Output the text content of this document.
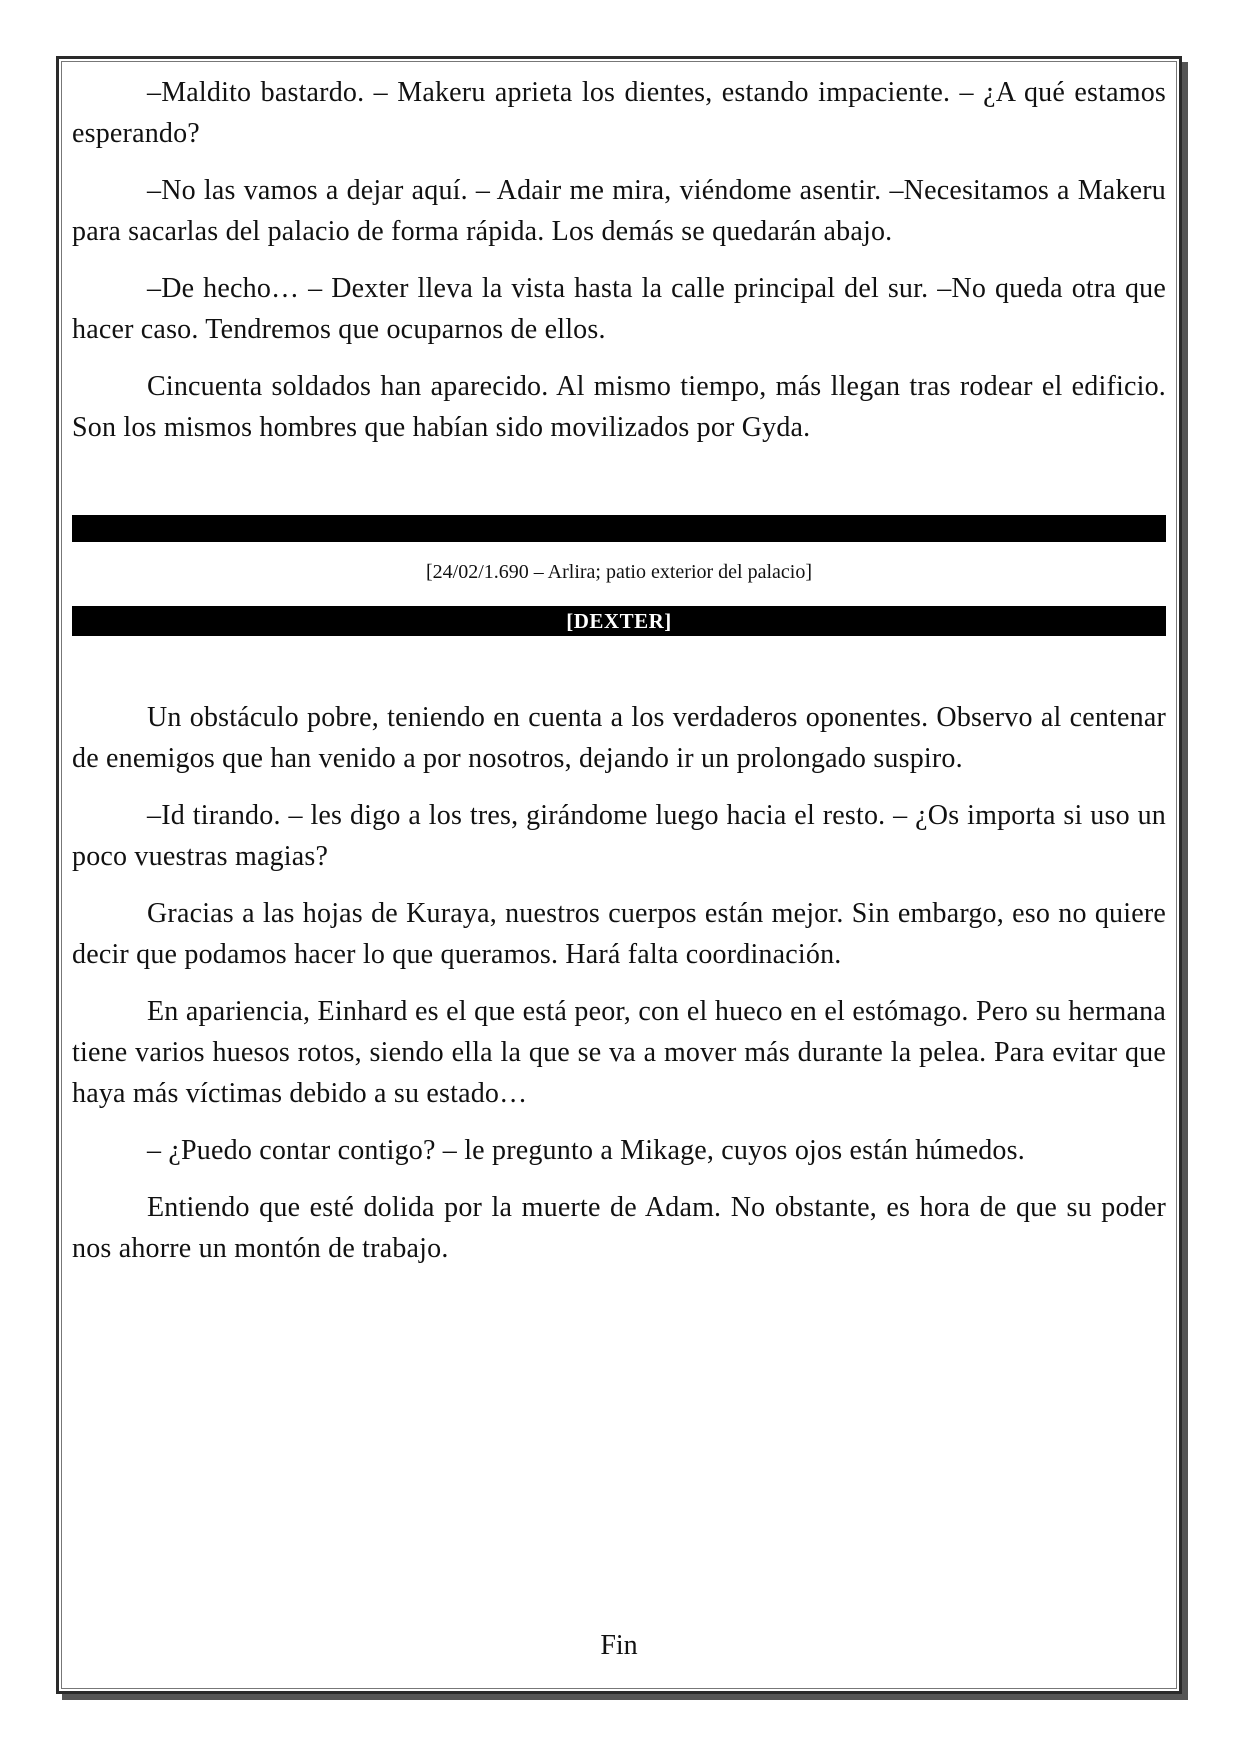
–Maldito bastardo. – Makeru aprieta los dientes, estando impaciente. – ¿A qué estamos esperando?

–No las vamos a dejar aquí. – Adair me mira, viéndome asentir. –Necesitamos a Makeru para sacarlas del palacio de forma rápida. Los demás se quedarán abajo.

–De hecho… – Dexter lleva la vista hasta la calle principal del sur. –No queda otra que hacer caso. Tendremos que ocuparnos de ellos.

Cincuenta soldados han aparecido. Al mismo tiempo, más llegan tras rodear el edificio. Son los mismos hombres que habían sido movilizados por Gyda.

[24/02/1.690 – Arlira; patio exterior del palacio]
[DEXTER]

Un obstáculo pobre, teniendo en cuenta a los verdaderos oponentes. Observo al centenar de enemigos que han venido a por nosotros, dejando ir un prolongado suspiro.

–Id tirando. – les digo a los tres, girándome luego hacia el resto. – ¿Os importa si uso un poco vuestras magias?

Gracias a las hojas de Kuraya, nuestros cuerpos están mejor. Sin embargo, eso no quiere decir que podamos hacer lo que queramos. Hará falta coordinación.

En apariencia, Einhard es el que está peor, con el hueco en el estómago. Pero su hermana tiene varios huesos rotos, siendo ella la que se va a mover más durante la pelea. Para evitar que haya más víctimas debido a su estado…

– ¿Puedo contar contigo? – le pregunto a Mikage, cuyos ojos están húmedos.

Entiendo que esté dolida por la muerte de Adam. No obstante, es hora de que su poder nos ahorre un montón de trabajo.

Fin
